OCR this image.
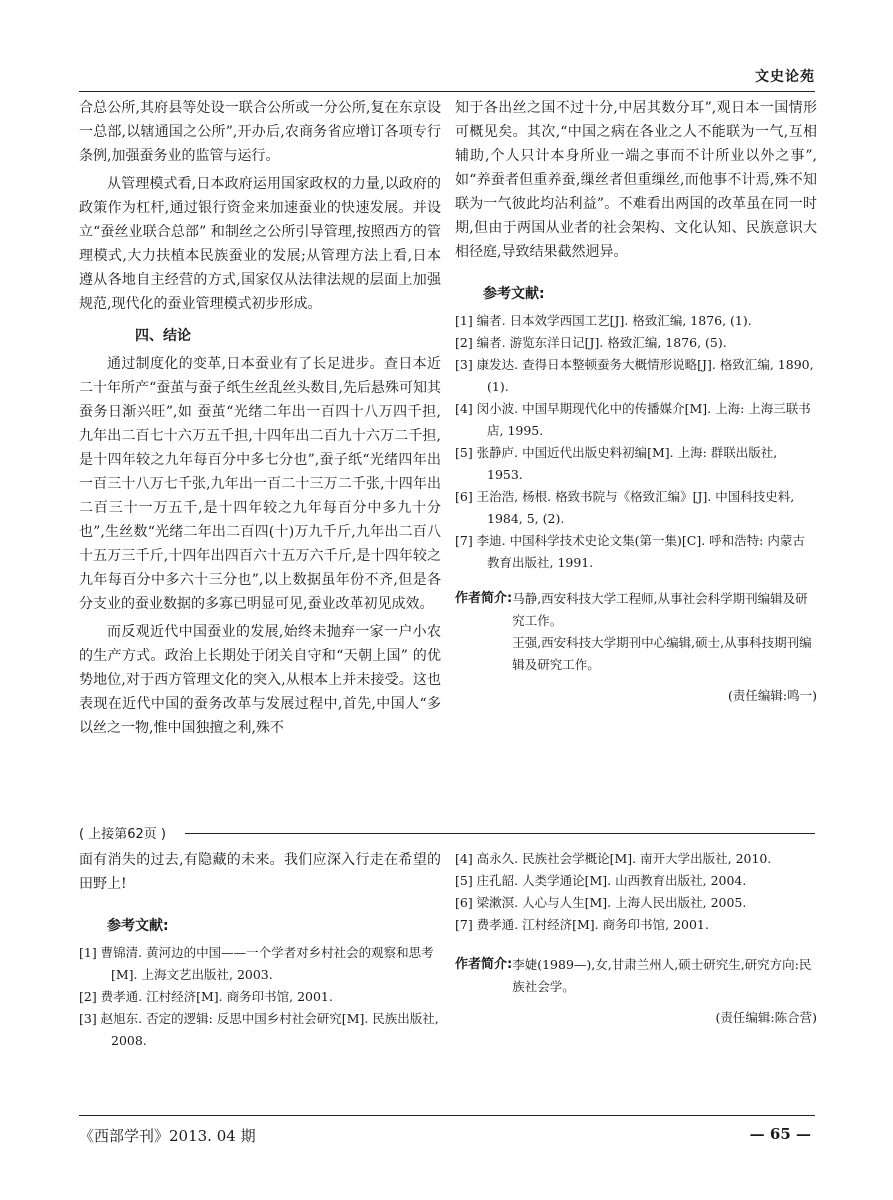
文史论苑

合总公所,其府县等处设一联合公所或一分公所,复在东京设一总部,以辖通国之公所”,开办后,农商务省应增订各项专行条例,加强蚕务业的监管与运行。

从管理模式看,日本政府运用国家政权的力量,以政府的政策作为杠杆,通过银行资金来加速蚕业的快速发展。并设立“蚕丝业联合总部” 和制丝之公所引导管理,按照西方的管理模式,大力扶植本民族蚕业的发展;从管理方法上看,日本遵从各地自主经营的方式,国家仅从法律法规的层面上加强规范,现代化的蚕业管理模式初步形成。

四、结论

通过制度化的变革,日本蚕业有了长足进步。查日本近二十年所产“蚕茧与蚕子纸生丝乱丝头数目,先后悬殊可知其蚕务日渐兴旺”,如 蚕茧“光绪二年出一百四十八万四千担,九年出二百七十六万五千担,十四年出二百九十六万二千担,是十四年较之九年每百分中多七分也”,蚕子纸“光绪四年出一百三十八万七千张,九年出一百二十三万二千张,十四年出二百三十一万五千,是十四年较之九年每百分中多九十分也”,生丝数“光绪二年出二百四(十)万九千斤,九年出二百八十五万三千斤,十四年出四百六十五万六千斤,是十四年较之九年每百分中多六十三分也”,以上数据虽年份不齐,但是各分支业的蚕业数据的多寡已明显可见,蚕业改革初见成效。

而反观近代中国蚕业的发展,始终未抛弃一家一户小农的生产方式。政治上长期处于闭关自守和“天朝上国” 的优势地位,对于西方管理文化的突入,从根本上并未接受。这也表现在近代中国的蚕务改革与发展过程中,首先,中国人“多以丝之一物,惟中国独擅之利,殊不

知于各出丝之国不过十分,中居其数分耳”,观日本一国情形可概见矣。其次,“中国之病在各业之人不能联为一气,互相辅助,个人只计本身所业一端之事而不计所业以外之事”,如“养蚕者但重养蚕,缫丝者但重缫丝,而他事不计焉,殊不知联为一气彼此均沾利益”。不难看出两国的改革虽在同一时期,但由于两国从业者的社会架构、文化认知、民族意识大相径庭,导致结果截然迥异。

参考文献:

[1] 编者. 日本效学西国工艺[J]. 格致汇编, 1876, (1).
[2] 编者. 游览东洋日记[J]. 格致汇编, 1876, (5).
[3] 康发达. 查得日本整顿蚕务大概情形说略[J]. 格致汇编, 1890, (1).
[4] 闵小波. 中国早期现代化中的传播媒介[M]. 上海: 上海三联书店, 1995.
[5] 张静庐. 中国近代出版史料初编[M]. 上海: 群联出版社, 1953.
[6] 王治浩, 杨根. 格致书院与《格致汇编》[J]. 中国科技史料, 1984, 5, (2).
[7] 李迪. 中国科学技术史论文集(第一集)[C]. 呼和浩特: 内蒙古教育出版社, 1991.
作者简介: 马静,西安科技大学工程师,从事社会科学期刊编辑及研究工作。
王强,西安科技大学期刊中心编辑,硕士,从事科技期刊编辑及研究工作。
(责任编辑:鸣一)
( 上接第62页 )

面有消失的过去,有隐藏的未来。我们应深入行走在希望的田野上!

参考文献:

[1] 曹锦清. 黄河边的中国——一个学者对乡村社会的观察和思考[M]. 上海文艺出版社, 2003.
[2] 费孝通. 江村经济[M]. 商务印书馆, 2001.
[3] 赵旭东. 否定的逻辑: 反思中国乡村社会研究[M]. 民族出版社, 2008.
[4] 高永久. 民族社会学概论[M]. 南开大学出版社, 2010.
[5] 庄孔韶. 人类学通论[M]. 山西教育出版社, 2004.
[6] 梁漱溟. 人心与人生[M]. 上海人民出版社, 2005.
[7] 费孝通. 江村经济[M]. 商务印书馆, 2001.
作者简介: 李婕(1989—),女,甘肃兰州人,硕士研究生,研究方向:民族社会学。
(责任编辑:陈合营)
《西部学刊》2013. 04 期	— 65 —
